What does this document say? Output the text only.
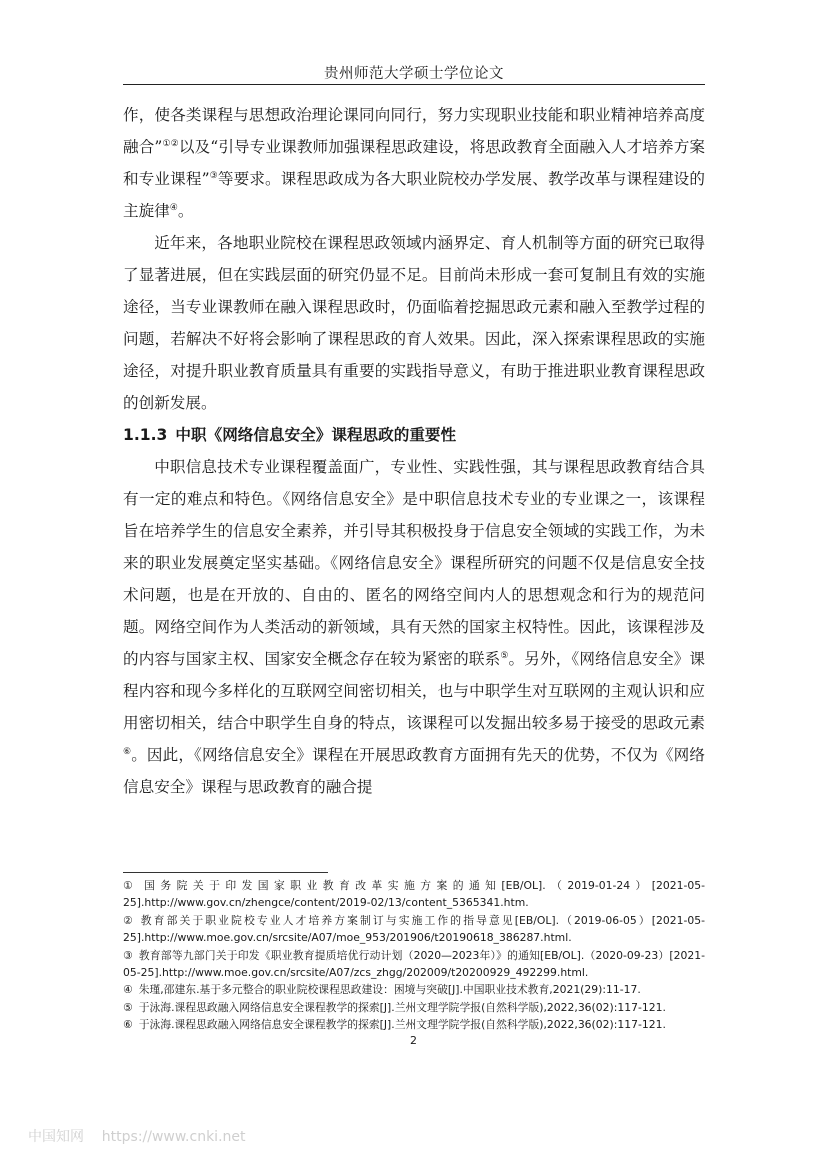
贵州师范大学硕士学位论文

作，使各类课程与思想政治理论课同向同行，努力实现职业技能和职业精神培养高度融合”①②以及“引导专业课教师加强课程思政建设，将思政教育全面融入人才培养方案和专业课程”③等要求。课程思政成为各大职业院校办学发展、教学改革与课程建设的主旋律④。

近年来，各地职业院校在课程思政领域内涵界定、育人机制等方面的研究已取得了显著进展，但在实践层面的研究仍显不足。目前尚未形成一套可复制且有效的实施途径，当专业课教师在融入课程思政时，仍面临着挖掘思政元素和融入至教学过程的问题，若解决不好将会影响了课程思政的育人效果。因此，深入探索课程思政的实施途径，对提升职业教育质量具有重要的实践指导意义，有助于推进职业教育课程思政的创新发展。

1.1.3 中职《网络信息安全》课程思政的重要性

中职信息技术专业课程覆盖面广，专业性、实践性强，其与课程思政教育结合具有一定的难点和特色。《网络信息安全》是中职信息技术专业的专业课之一，该课程旨在培养学生的信息安全素养，并引导其积极投身于信息安全领域的实践工作，为未来的职业发展奠定坚实基础。《网络信息安全》课程所研究的问题不仅是信息安全技术问题，也是在开放的、自由的、匿名的网络空间内人的思想观念和行为的规范问题。网络空间作为人类活动的新领域，具有天然的国家主权特性。因此，该课程涉及的内容与国家主权、国家安全概念存在较为紧密的联系⑤。另外，《网络信息安全》课程内容和现今多样化的互联网空间密切相关，也与中职学生对互联网的主观认识和应用密切相关，结合中职学生自身的特点，该课程可以发掘出较多易于接受的思政元素⑥。因此，《网络信息安全》课程在开展思政教育方面拥有先天的优势，不仅为《网络信息安全》课程与思政教育的融合提

① 国务院关于印发国家职业教育改革实施方案的通知[EB/OL].（2019-01-24）[2021-05-25].http://www.gov.cn/zhengce/content/2019-02/13/content_5365341.htm.

② 教育部关于职业院校专业人才培养方案制订与实施工作的指导意见[EB/OL].（2019-06-05）[2021-05-25].http://www.moe.gov.cn/srcsite/A07/moe_953/201906/t20190618_386287.html.

③ 教育部等九部门关于印发《职业教育提质培优行动计划（2020—2023年）》的通知[EB/OL].（2020-09-23）[2021-05-25].http://www.moe.gov.cn/srcsite/A07/zcs_zhgg/202009/t20200929_492299.html.

④ 朱瑾,邵建东.基于多元整合的职业院校课程思政建设：困境与突破[J].中国职业技术教育,2021(29):11-17.

⑤ 于泳海.课程思政融入网络信息安全课程教学的探索[J].兰州文理学院学报(自然科学版),2022,36(02):117-121.

⑥ 于泳海.课程思政融入网络信息安全课程教学的探索[J].兰州文理学院学报(自然科学版),2022,36(02):117-121.

2
中国知网    https://www.cnki.net
